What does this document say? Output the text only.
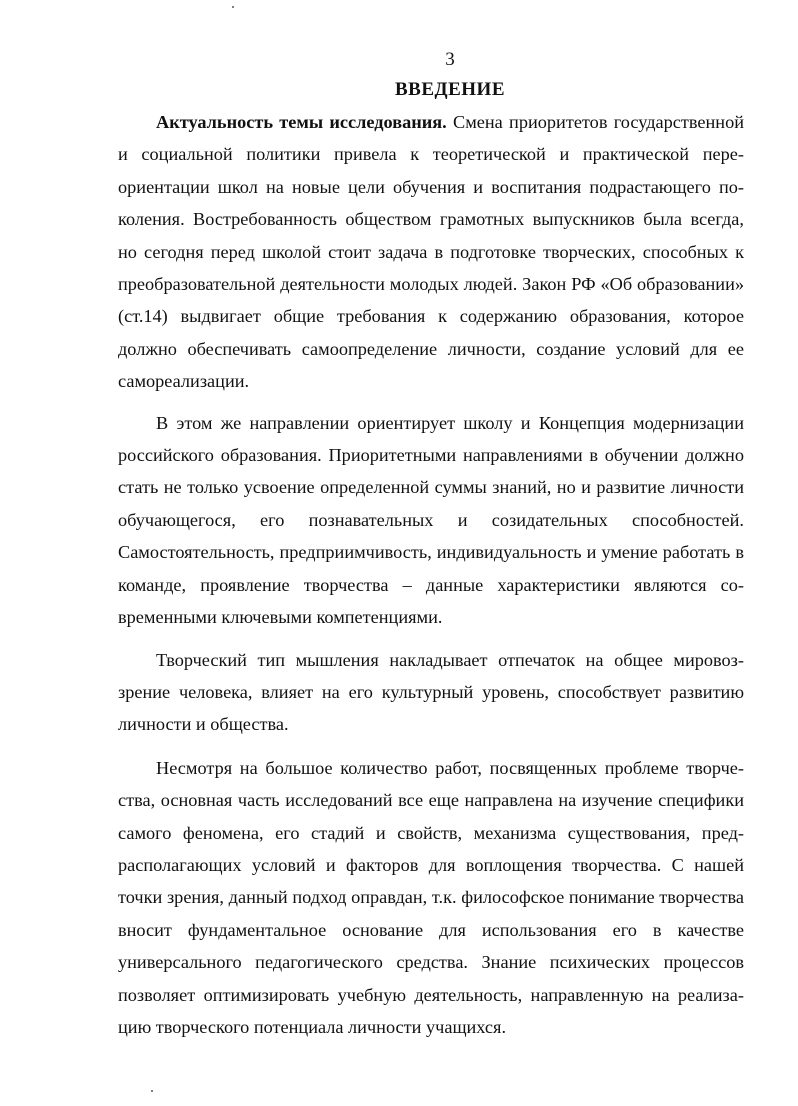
3
ВВЕДЕНИЕ

Актуальность темы исследования. Смена приоритетов государственной и социальной политики привела к теоретической и практической переориентации школ на новые цели обучения и воспитания подрастающего поколения. Востребованность обществом грамотных выпускников была всегда, но сегодня перед школой стоит задача в подготовке творческих, способных к преобразовательной деятельности молодых людей. Закон РФ «Об образовании» (ст.14) выдвигает общие требования к содержанию образования, которое должно обеспечивать самоопределение личности, создание условий для ее самореализации.

В этом же направлении ориентирует школу и Концепция модернизации российского образования. Приоритетными направлениями в обучении должно стать не только усвоение определенной суммы знаний, но и развитие личности обучающегося, его познавательных и созидательных способностей. Самостоятельность, предприимчивость, индивидуальность и умение работать в команде, проявление творчества – данные характеристики являются современными ключевыми компетенциями.

Творческий тип мышления накладывает отпечаток на общее мировоззрение человека, влияет на его культурный уровень, способствует развитию личности и общества.

Несмотря на большое количество работ, посвященных проблеме творчества, основная часть исследований все еще направлена на изучение специфики самого феномена, его стадий и свойств, механизма существования, предрасполагающих условий и факторов для воплощения творчества. С нашей точки зрения, данный подход оправдан, т.к. философское понимание творчества вносит фундаментальное основание для использования его в качестве универсального педагогического средства. Знание психических процессов позволяет оптимизировать учебную деятельность, направленную на реализацию творческого потенциала личности учащихся.
